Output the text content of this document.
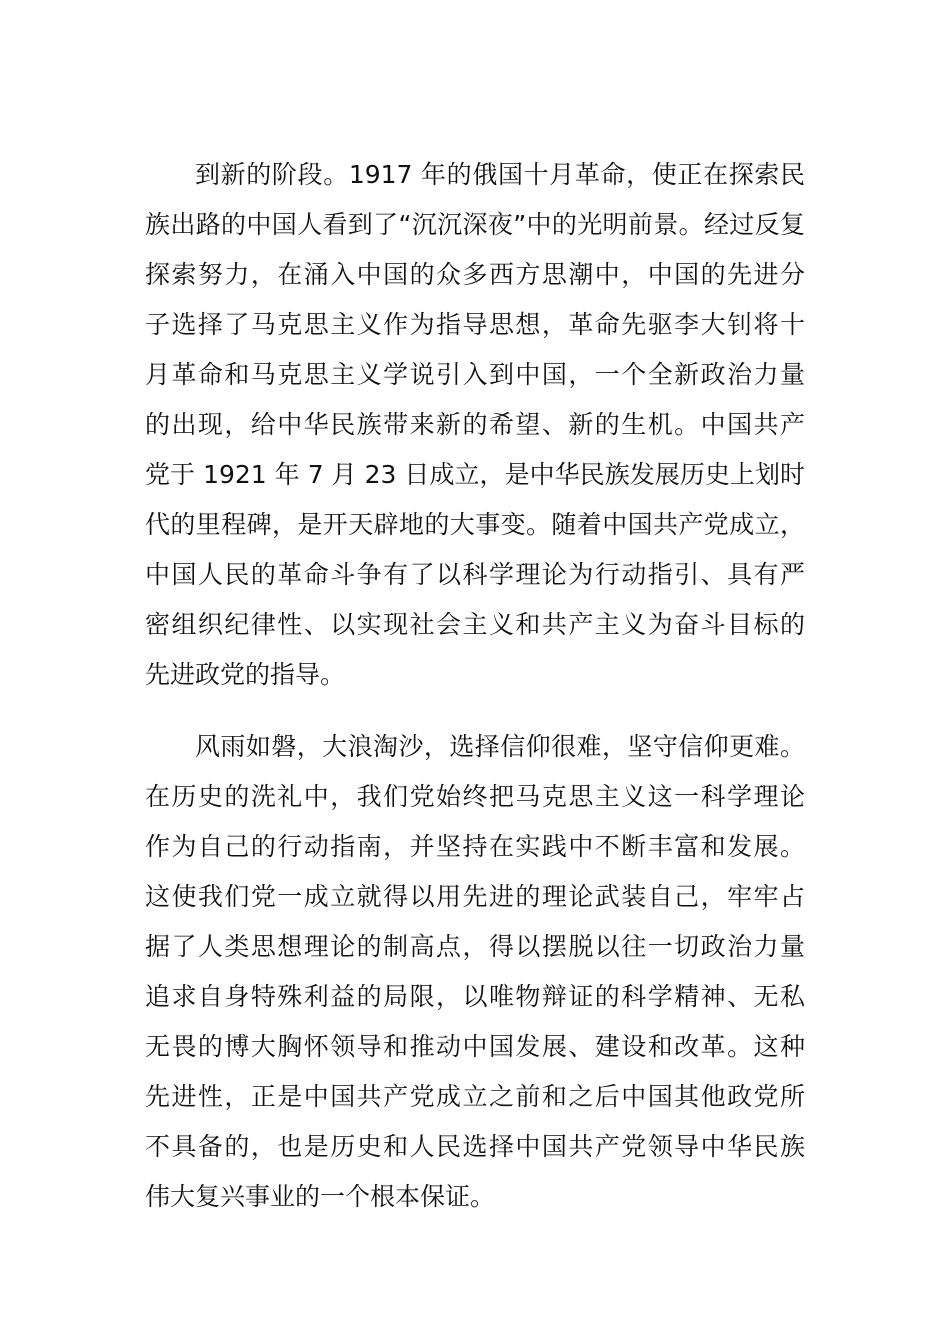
到新的阶段。1917 年的俄国十月革命，使正在探索民
族出路的中国人看到了“沉沉深夜”中的光明前景。经过反复
探索努力，在涌入中国的众多西方思潮中，中国的先进分
子选择了马克思主义作为指导思想，革命先驱李大钊将十
月革命和马克思主义学说引入到中国，一个全新政治力量
的出现，给中华民族带来新的希望、新的生机。中国共产
党于 1921 年 7 月 23 日成立，是中华民族发展历史上划时
代的里程碑，是开天辟地的大事变。随着中国共产党成立，
中国人民的革命斗争有了以科学理论为行动指引、具有严
密组织纪律性、以实现社会主义和共产主义为奋斗目标的
先进政党的指导。
风雨如磐，大浪淘沙，选择信仰很难，坚守信仰更难。
在历史的洗礼中，我们党始终把马克思主义这一科学理论
作为自己的行动指南，并坚持在实践中不断丰富和发展。
这使我们党一成立就得以用先进的理论武装自己，牢牢占
据了人类思想理论的制高点，得以摆脱以往一切政治力量
追求自身特殊利益的局限，以唯物辩证的科学精神、无私
无畏的博大胸怀领导和推动中国发展、建设和改革。这种
先进性，正是中国共产党成立之前和之后中国其他政党所
不具备的，也是历史和人民选择中国共产党领导中华民族
伟大复兴事业的一个根本保证。
